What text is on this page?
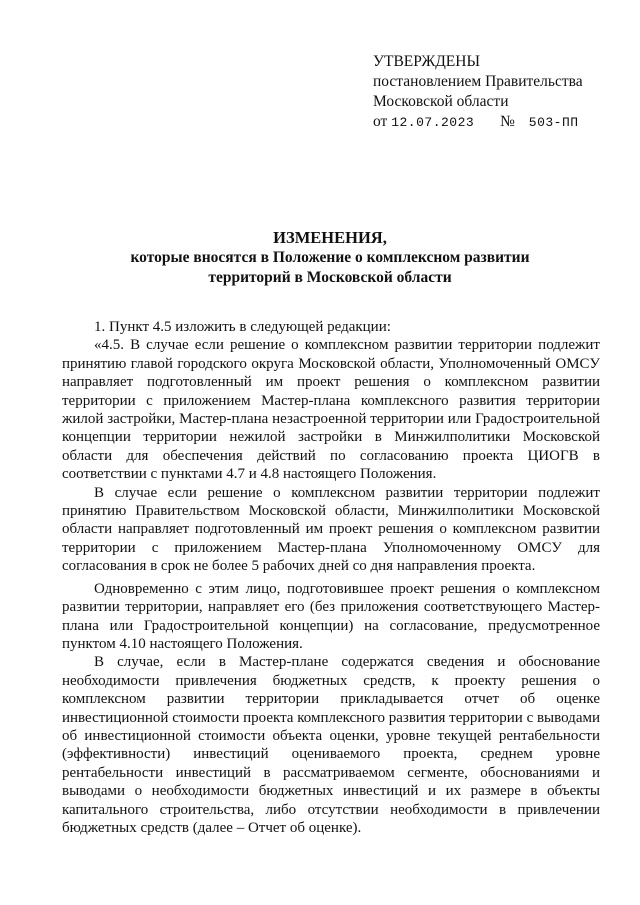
УТВЕРЖДЕНЫ
постановлением Правительства
Московской области
от 12.07.2023 № 503-ПП
ИЗМЕНЕНИЯ,
которые вносятся в Положение о комплексном развитии
территорий в Московской области

1. Пункт 4.5 изложить в следующей редакции:

«4.5. В случае если решение о комплексном развитии территории подлежит принятию главой городского округа Московской области, Уполномоченный ОМСУ направляет подготовленный им проект решения о комплексном развитии территории с приложением Мастер-плана комплексного развития территории жилой застройки, Мастер-плана незастроенной территории или Градостроительной концепции территории нежилой застройки в Минжилполитики Московской области для обеспечения действий по согласованию проекта ЦИОГВ в соответствии с пунктами 4.7 и 4.8 настоящего Положения.

В случае если решение о комплексном развитии территории подлежит принятию Правительством Московской области, Минжилполитики Московской области направляет подготовленный им проект решения о комплексном развитии территории с приложением Мастер-плана Уполномоченному ОМСУ для согласования в срок не более 5 рабочих дней со дня направления проекта.

Одновременно с этим лицо, подготовившее проект решения о комплексном развитии территории, направляет его (без приложения соответствующего Мастер-плана или Градостроительной концепции) на согласование, предусмотренное пунктом 4.10 настоящего Положения.

В случае, если в Мастер-плане содержатся сведения и обоснование необходимости привлечения бюджетных средств, к проекту решения о комплексном развитии территории прикладывается отчет об оценке инвестиционной стоимости проекта комплексного развития территории с выводами об инвестиционной стоимости объекта оценки, уровне текущей рентабельности (эффективности) инвестиций оцениваемого проекта, среднем уровне рентабельности инвестиций в рассматриваемом сегменте, обоснованиями и выводами о необходимости бюджетных инвестиций и их размере в объекты капитального строительства, либо отсутствии необходимости в привлечении бюджетных средств (далее – Отчет об оценке).
